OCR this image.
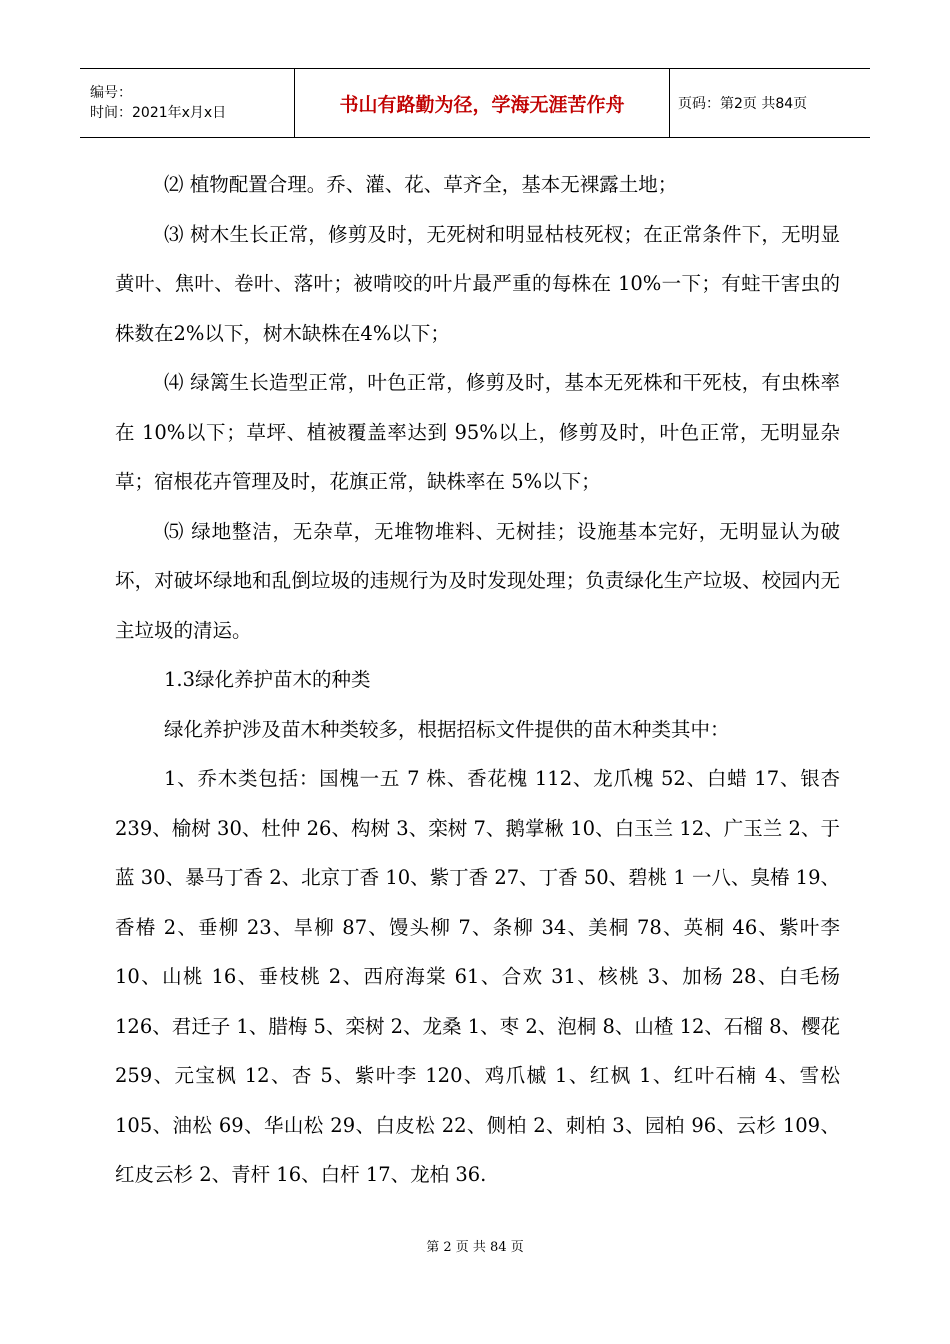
编号：
时间：2021年x月x日	书山有路勤为径，学海无涯苦作舟	页码：第2页 共84页

⑵ 植物配置合理。乔、灌、花、草齐全，基本无裸露土地；

⑶ 树木生长正常，修剪及时，无死树和明显枯枝死杈；在正常条件下，无明显黄叶、焦叶、卷叶、落叶；被啃咬的叶片最严重的每株在 10%一下；有蛀干害虫的株数在2%以下，树木缺株在4%以下；

⑷ 绿篱生长造型正常，叶色正常，修剪及时，基本无死株和干死枝，有虫株率在 10%以下；草坪、植被覆盖率达到 95%以上，修剪及时，叶色正常，无明显杂草；宿根花卉管理及时，花旗正常，缺株率在 5%以下；

⑸ 绿地整洁，无杂草，无堆物堆料、无树挂；设施基本完好，无明显认为破坏，对破坏绿地和乱倒垃圾的违规行为及时发现处理；负责绿化生产垃圾、校园内无主垃圾的清运。

1.3绿化养护苗木的种类

绿化养护涉及苗木种类较多，根据招标文件提供的苗木种类其中：

1、乔木类包括：国槐一五 7 株、香花槐 112、龙爪槐 52、白蜡 17、银杏 239、榆树 30、杜仲 26、构树 3、栾树 7、鹅掌楸 10、白玉兰 12、广玉兰 2、于蓝 30、暴马丁香 2、北京丁香 10、紫丁香 27、丁香 50、碧桃 1 一八、臭椿 19、香椿 2、垂柳 23、旱柳 87、馒头柳 7、条柳 34、美桐 78、英桐 46、紫叶李 10、山桃 16、垂枝桃 2、西府海棠 61、合欢 31、核桃 3、加杨 28、白毛杨 126、君迁子 1、腊梅 5、栾树 2、龙桑 1、枣 2、泡桐 8、山楂 12、石榴 8、樱花 259、元宝枫 12、杏 5、紫叶李 120、鸡爪槭 1、红枫 1、红叶石楠 4、雪松 105、油松 69、华山松 29、白皮松 22、侧柏 2、刺柏 3、园柏 96、云杉 109、红皮云杉 2、青杆 16、白杆 17、龙柏 36.

第 2 页 共 84 页
